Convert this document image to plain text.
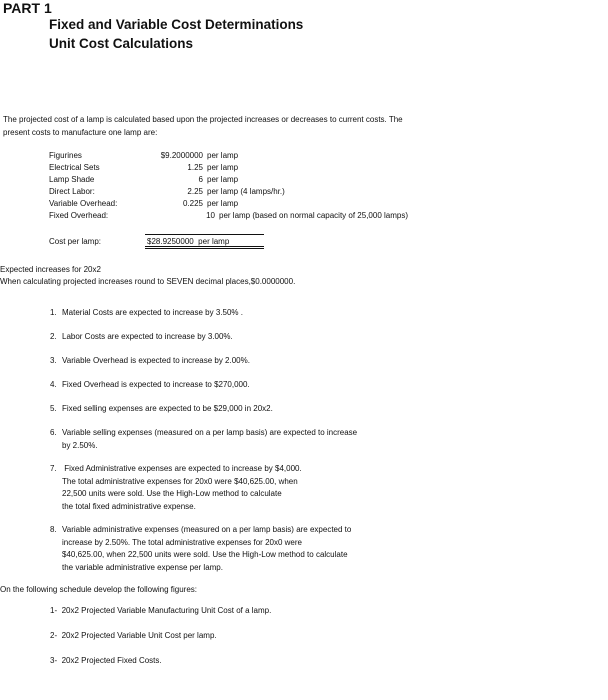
PART 1
Fixed and Variable Cost Determinations
Unit Cost Calculations
The projected cost of a lamp is calculated based upon the projected increases or decreases to current costs. The present costs to manufacture one lamp are:
Figurines	$9.2000000 per lamp
Electrical Sets	1.25 per lamp
Lamp Shade	6 per lamp
Direct Labor:	2.25 per lamp (4 lamps/hr.)
Variable Overhead:	0.225 per lamp
Fixed Overhead:	10 per lamp (based on normal capacity of 25,000 lamps)
Cost per lamp:	$28.9250000 per lamp
Expected increases for 20x2
When calculating projected increases round to SEVEN decimal places,$0.0000000.
1. Material Costs are expected to increase by 3.50% .
2. Labor Costs are expected to increase by 3.00%.
3. Variable Overhead is expected to increase by 2.00%.
4. Fixed Overhead is expected to increase to $270,000.
5. Fixed selling expenses are expected to be $29,000 in 20x2.
6. Variable selling expenses (measured on a per lamp basis) are expected to increase
by 2.50%.
7. Fixed Administrative expenses are expected to increase by $4,000.
The total administrative expenses for 20x0 were $40,625.00, when
22,500 units were sold. Use the High-Low method to calculate
the total fixed administrative expense.
8. Variable administrative expenses (measured on a per lamp basis) are expected to
increase by 2.50%. The total administrative expenses for 20x0 were
$40,625.00, when 22,500 units were sold. Use the High-Low method to calculate
the variable administrative expense per lamp.
On the following schedule develop the following figures:
1- 20x2 Projected Variable Manufacturing Unit Cost of a lamp.
2- 20x2 Projected Variable Unit Cost per lamp.
3- 20x2 Projected Fixed Costs.
